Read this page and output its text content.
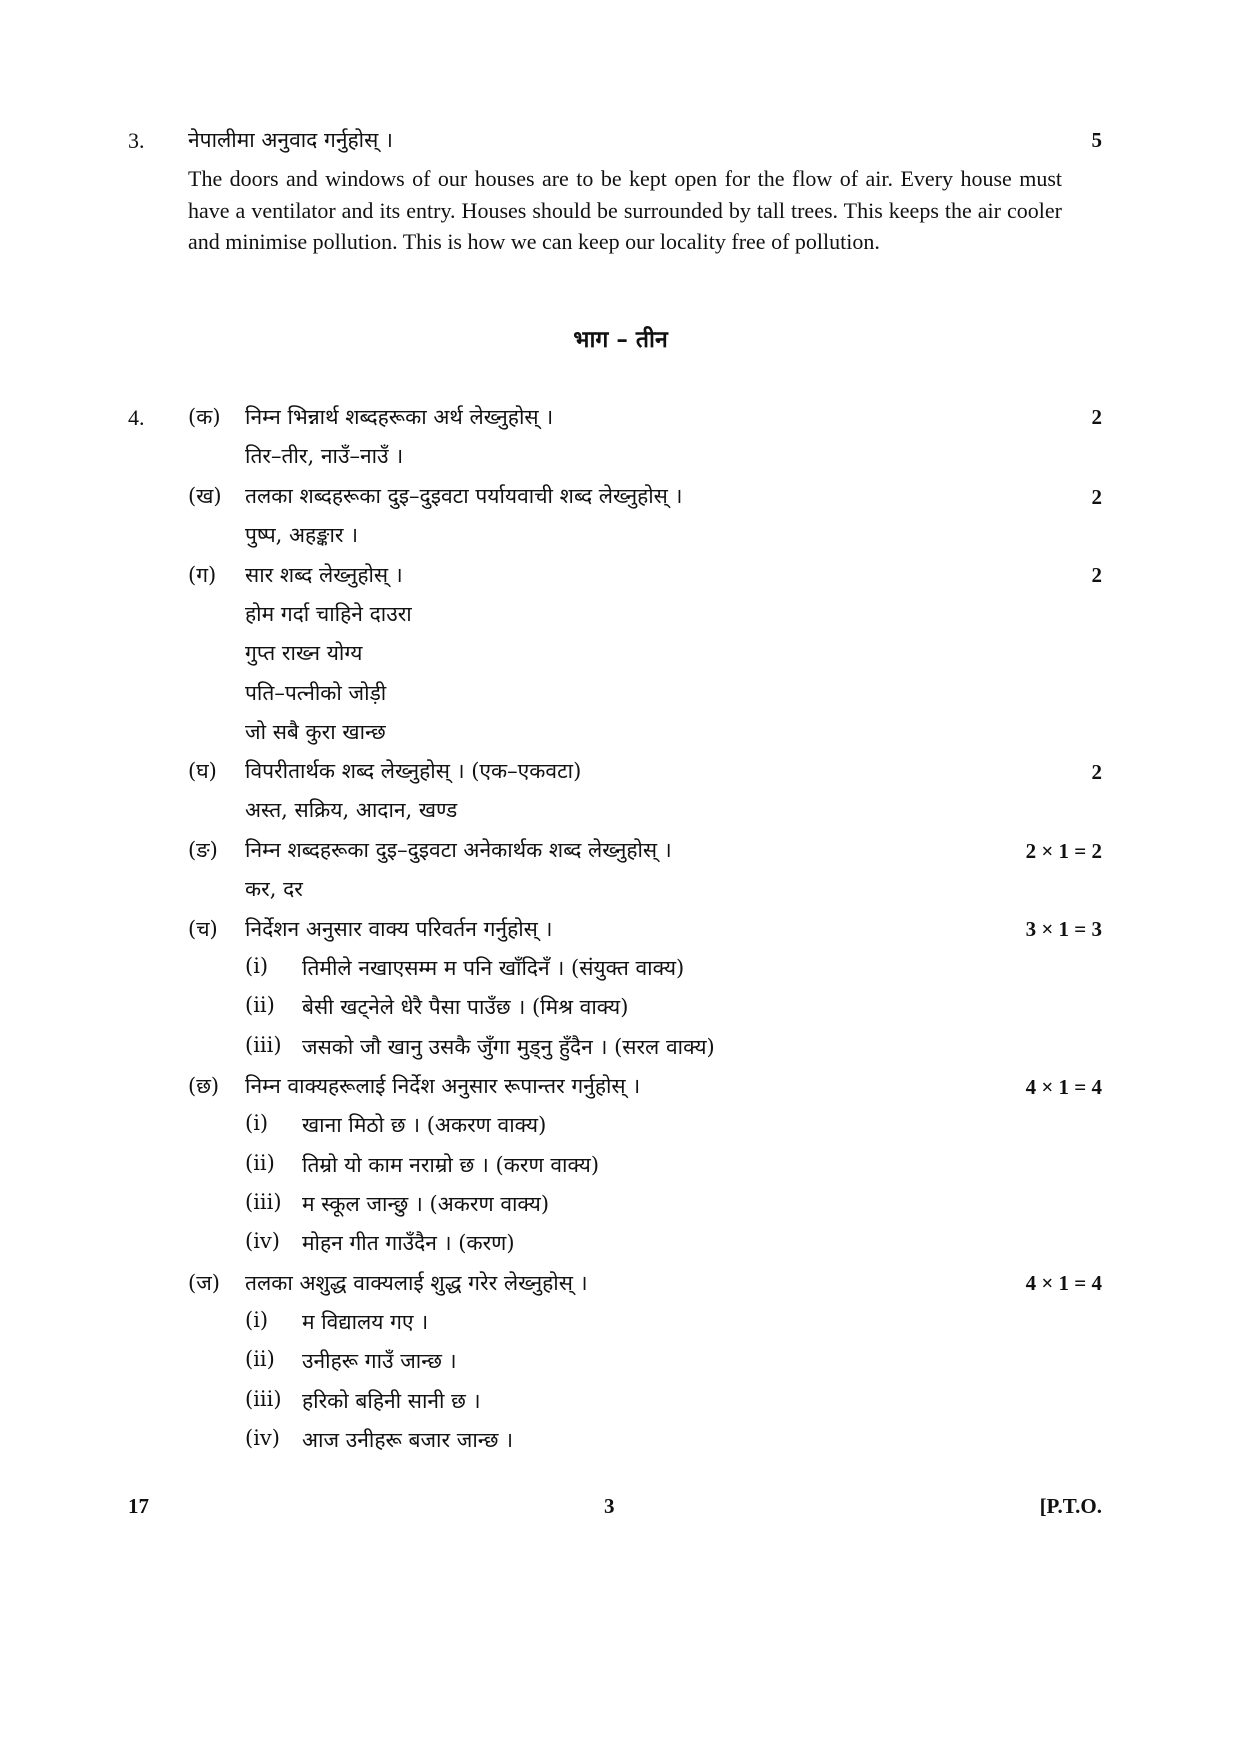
3. नेपालीमा अनुवाद गर्नुहोस् ।	5
The doors and windows of our houses are to be kept open for the flow of air. Every house must have a ventilator and its entry. Houses should be surrounded by tall trees. This keeps the air cooler and minimise pollution. This is how we can keep our locality free of pollution.
भाग – तीन
4. (क) निम्न भिन्नार्थ शब्दहरूका अर्थ लेख्नुहोस् ।	2
तिर–तीर, नाउँ–नाउँ ।
(ख) तलका शब्दहरूका दुइ–दुइवटा पर्यायवाची शब्द लेख्नुहोस् ।	2
पुष्प, अहङ्कार ।
(ग) सार शब्द लेख्नुहोस् ।	2
होम गर्दा चाहिने दाउरा
गुप्त राख्न योग्य
पति–पत्नीको जोड़ी
जो सबै कुरा खान्छ
(घ) विपरीतार्थक शब्द लेख्नुहोस् । (एक–एकवटा)	2
अस्त, सक्रिय, आदान, खण्ड
(ङ) निम्न शब्दहरूका दुइ–दुइवटा अनेकार्थक शब्द लेख्नुहोस् ।	2 × 1 = 2
कर, दर
(च) निर्देशन अनुसार वाक्य परिवर्तन गर्नुहोस् ।	3 × 1 = 3
(i) तिमीले नखाएसम्म म पनि खाँदिनँ । (संयुक्त वाक्य)
(ii) बेसी खट्नेले धेरै पैसा पाउँछ । (मिश्र वाक्य)
(iii) जसको जौ खानु उसकै जुँगा मुड्नु हुँदैन । (सरल वाक्य)
(छ) निम्न वाक्यहरूलाई निर्देश अनुसार रूपान्तर गर्नुहोस् ।	4 × 1 = 4
(i) खाना मिठो छ । (अकरण वाक्य)
(ii) तिम्रो यो काम नराम्रो छ । (करण वाक्य)
(iii) म स्कूल जान्छु । (अकरण वाक्य)
(iv) मोहन गीत गाउँदैन । (करण)
(ज) तलका अशुद्ध वाक्यलाई शुद्ध गरेर लेख्नुहोस् ।	4 × 1 = 4
(i) म विद्यालय गए ।
(ii) उनीहरू गाउँ जान्छ ।
(iii) हरिको बहिनी सानी छ ।
(iv) आज उनीहरू बजार जान्छ ।
17	3	[P.T.O.
